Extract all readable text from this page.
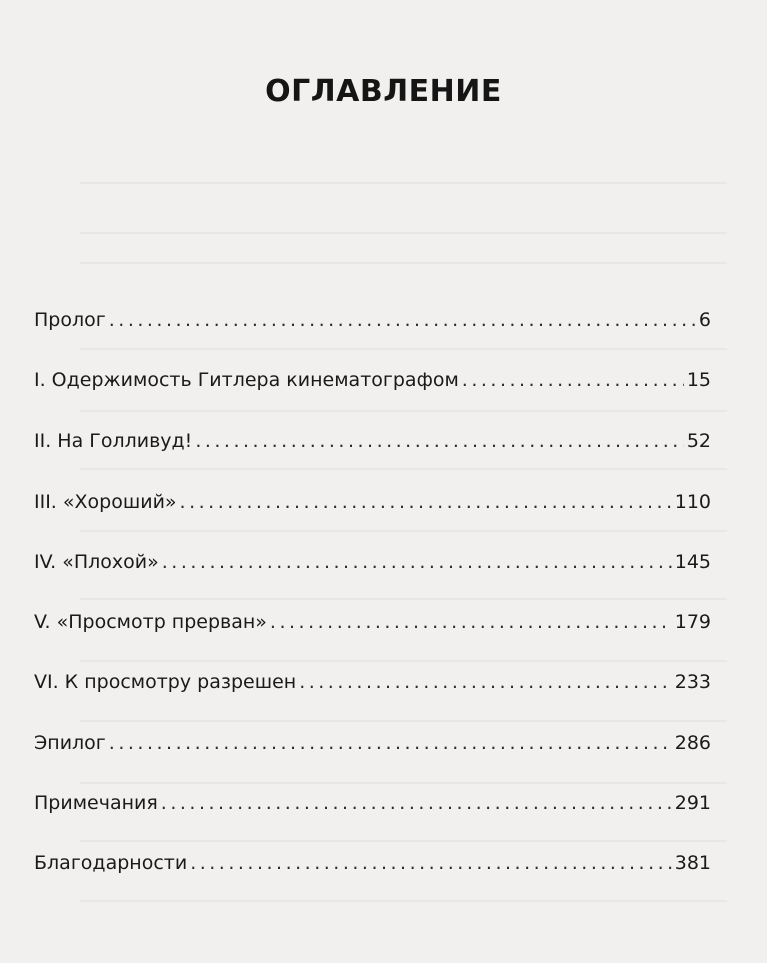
ОГЛАВЛЕНИЕ
Пролог .....	6
I. Одержимость Гитлера кинематографом .....	15
II. На Голливуд! .....	52
III. «Хороший» .....	110
IV. «Плохой» .....	145
V. «Просмотр прерван» .....	179
VI. К просмотру разрешен .....	233
Эпилог .....	286
Примечания .....	291
Благодарности .....	381
